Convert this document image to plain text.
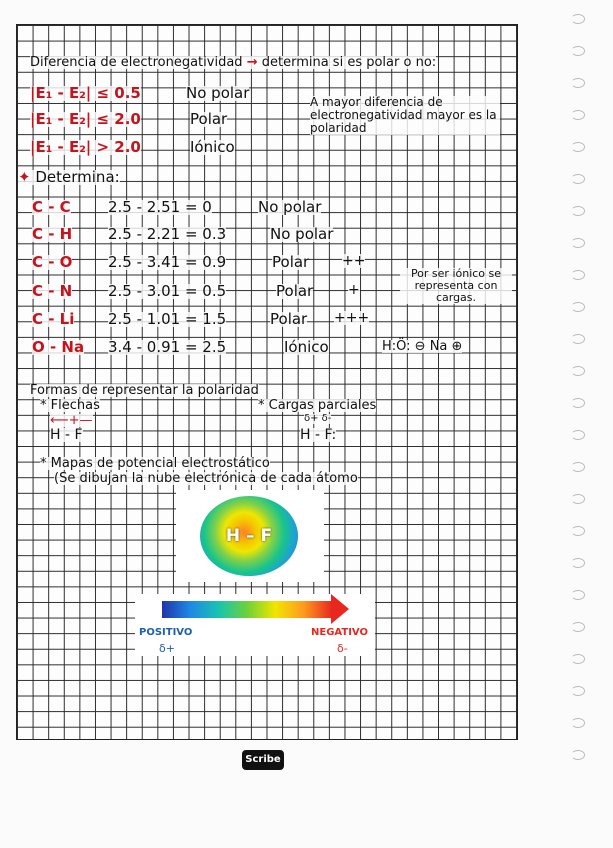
Diferencia de electronegatividad → determina si es polar o no:
|E₁ - E₂| ≤ 0.5	No polar
|E₁ - E₂| ≤ 2.0	Polar
|E₁ - E₂| > 2.0	Iónico
A mayor diferencia de electronegatividad mayor es la polaridad
✦ Determina:
C - C 2.5 - 2.51 = 0	No polar
C - H 2.5 - 2.21 = 0.3	No polar
C - O 2.5 - 3.41 = 0.9	Polar ++
C - N 2.5 - 3.01 = 0.5	Polar +
C - Li 2.5 - 1.01 = 1.5	Polar +++
O - Na 3.4 - 0.91 = 2.5	Iónico
Por ser iónico se representa con cargas.
H:Ö: ⊖ Na ⊕
Formas de representar la polaridad
* Flechas
H - F
⟵+—
* Cargas parciales
δ+ δ-
H - F:
* Mapas de potencial electrostático
(Se dibujan la nube electrónica de cada átomo
H – F
POSITIVO	NEGATIVO
δ+	δ-
Scribe
